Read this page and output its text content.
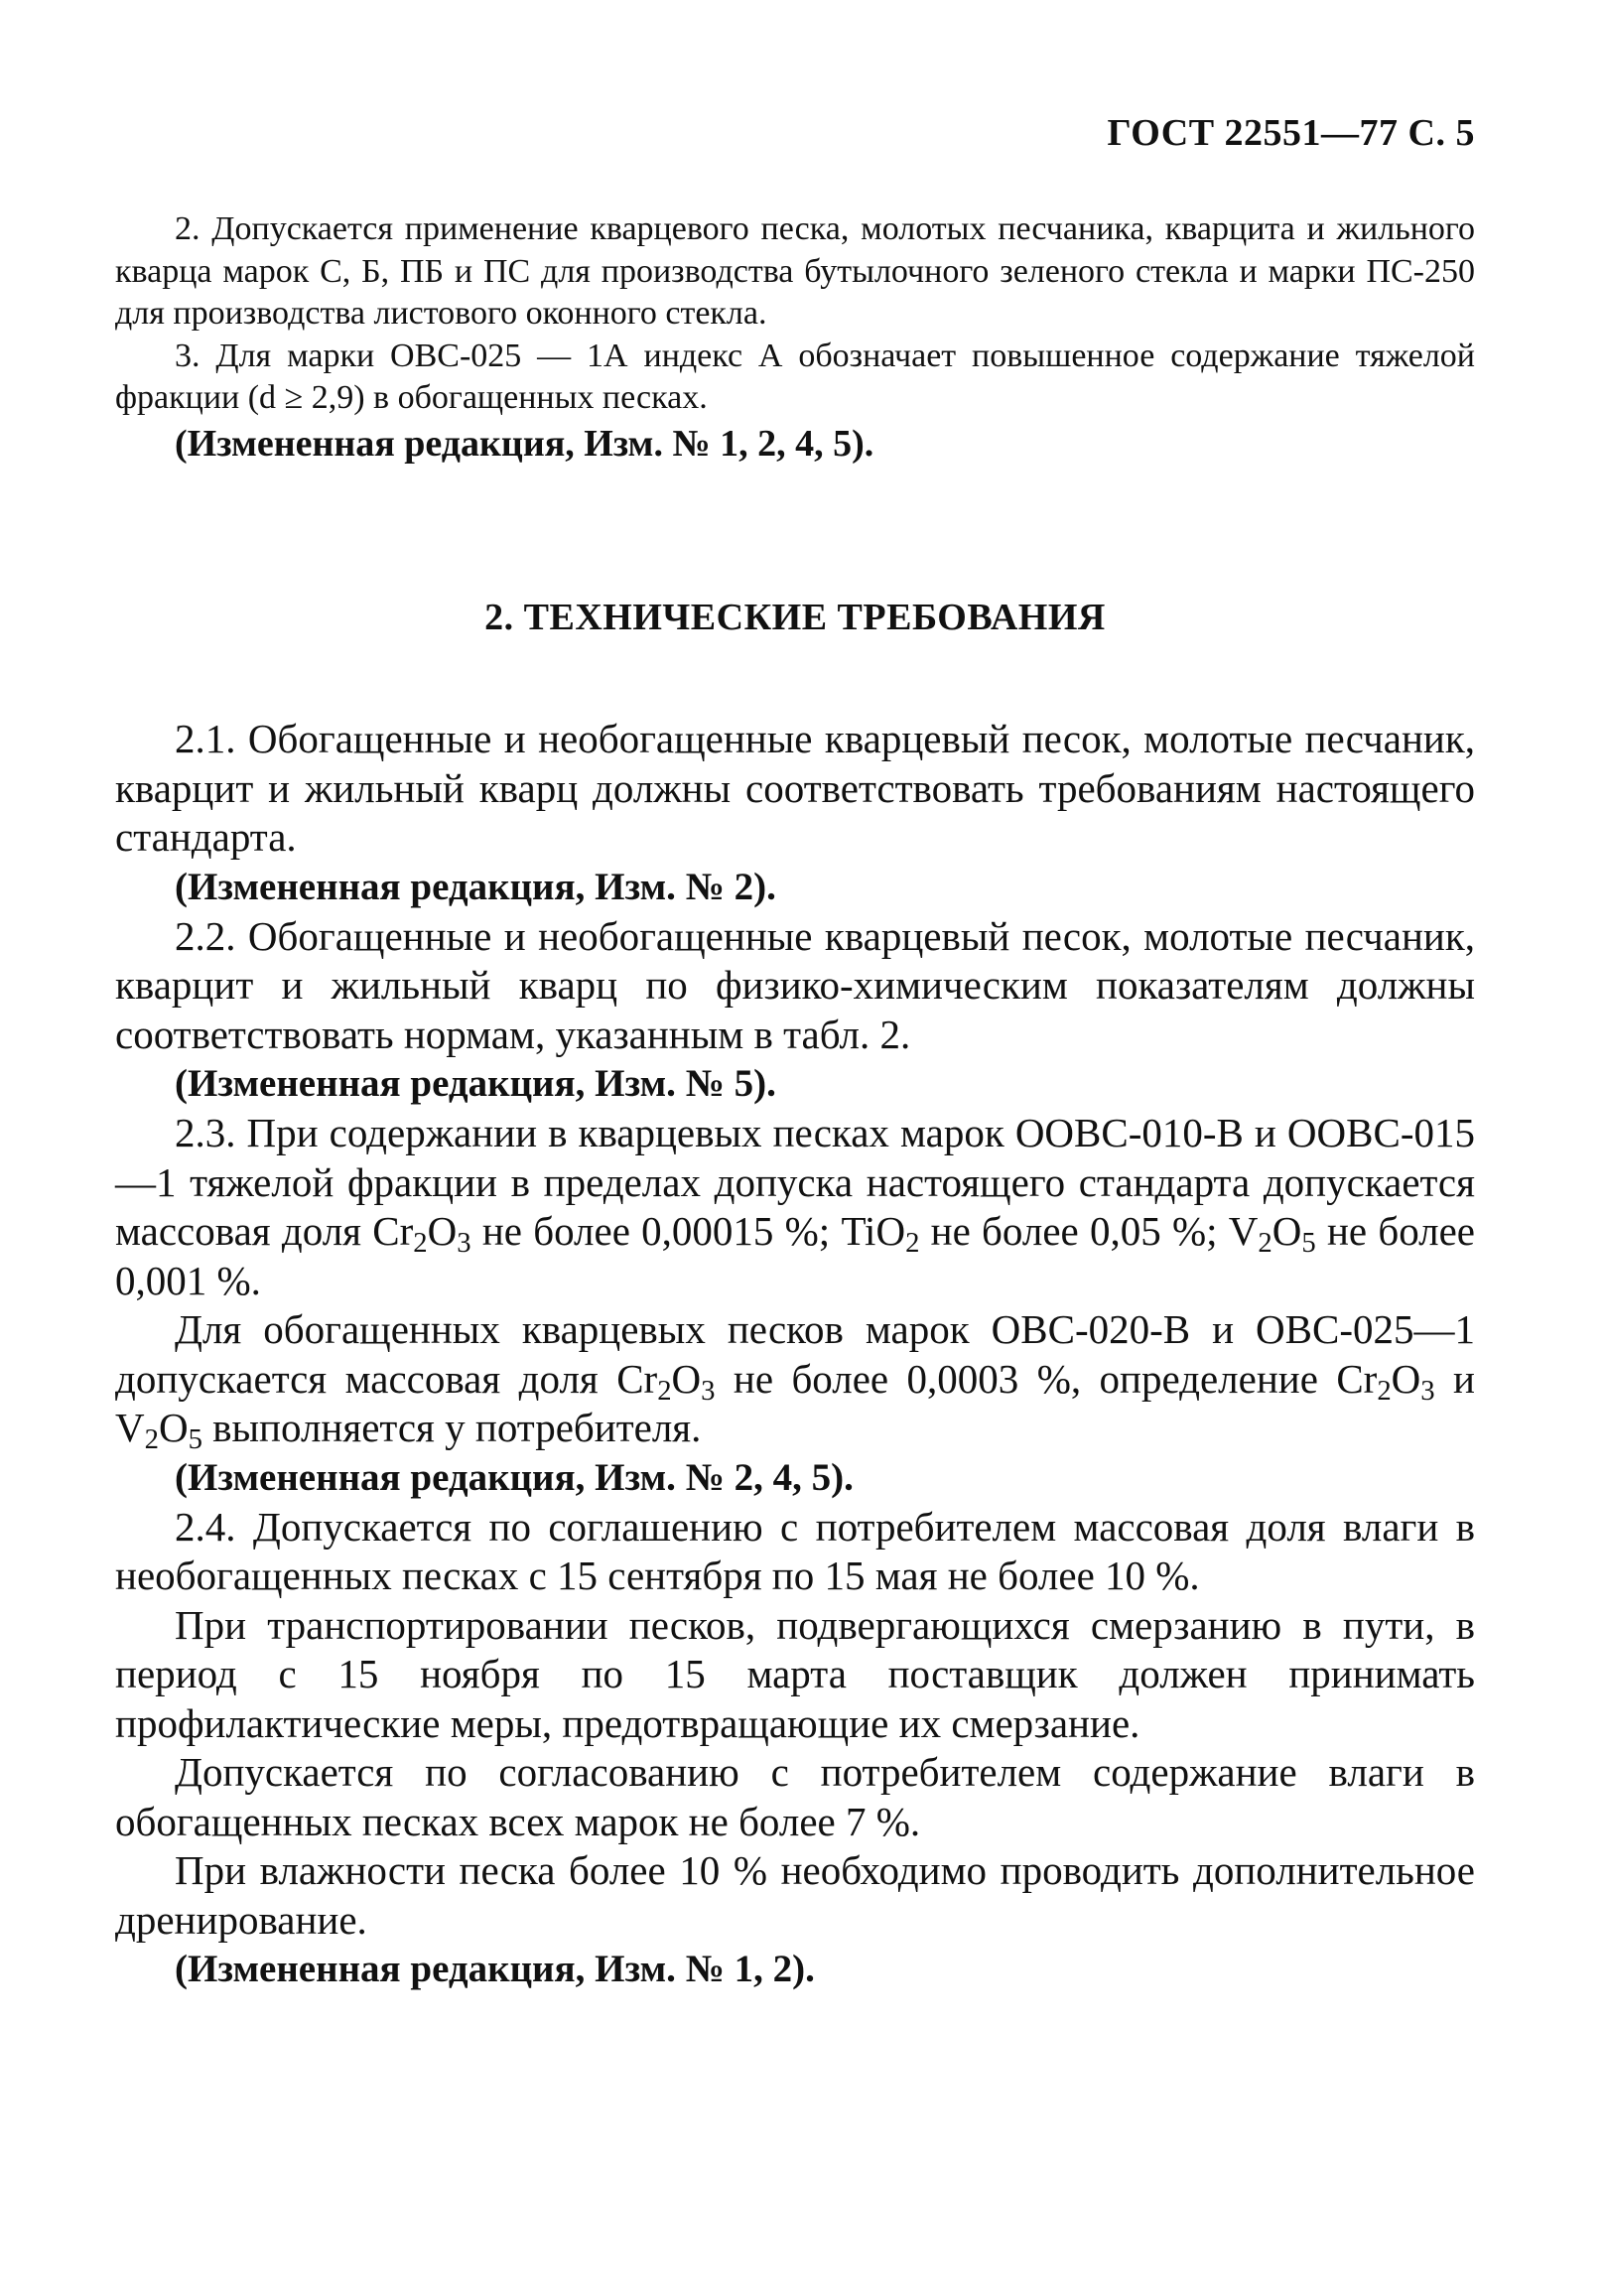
ГОСТ 22551—77 С. 5

2. Допускается применение кварцевого песка, молотых песчаника, кварцита и жильного кварца марок С, Б, ПБ и ПС для производства бутылочного зеленого стекла и марки ПС-250 для производства листового оконного стекла.

3. Для марки ОВС-025 — 1А индекс А обозначает повышенное содержание тяжелой фракции (d ≥ 2,9) в обогащенных песках.

(Измененная редакция, Изм. № 1, 2, 4, 5).

2. ТЕХНИЧЕСКИЕ ТРЕБОВАНИЯ

2.1. Обогащенные и необогащенные кварцевый песок, молотые песчаник, кварцит и жильный кварц должны соответствовать требованиям настоящего стандарта.

(Измененная редакция, Изм. № 2).

2.2. Обогащенные и необогащенные кварцевый песок, молотые песчаник, кварцит и жильный кварц по физико-химическим показателям должны соответствовать нормам, указанным в табл. 2.

(Измененная редакция, Изм. № 5).

2.3. При содержании в кварцевых песках марок ООВС-010-В и ООВС-015—1 тяжелой фракции в пределах допуска настоящего стандарта допускается массовая доля $Cr_2O_3$ не более 0,00015 %; TiO$_2$ не более 0,05 %; $V_2O_5$ не более 0,001 %.

Для обогащенных кварцевых песков марок ОВС-020-В и ОВС-025—1 допускается массовая доля $Cr_2O_3$ не более 0,0003 %, определение $Cr_2O_3$ и $V_2O_5$ выполняется у потребителя.

(Измененная редакция, Изм. № 2, 4, 5).

2.4. Допускается по соглашению с потребителем массовая доля влаги в необогащенных песках с 15 сентября по 15 мая не более 10 %.

При транспортировании песков, подвергающихся смерзанию в пути, в период с 15 ноября по 15 марта поставщик должен принимать профилактические меры, предотвращающие их смерзание.

Допускается по согласованию с потребителем содержание влаги в обогащенных песках всех марок не более 7 %.

При влажности песка более 10 % необходимо проводить дополнительное дренирование.

(Измененная редакция, Изм. № 1, 2).
